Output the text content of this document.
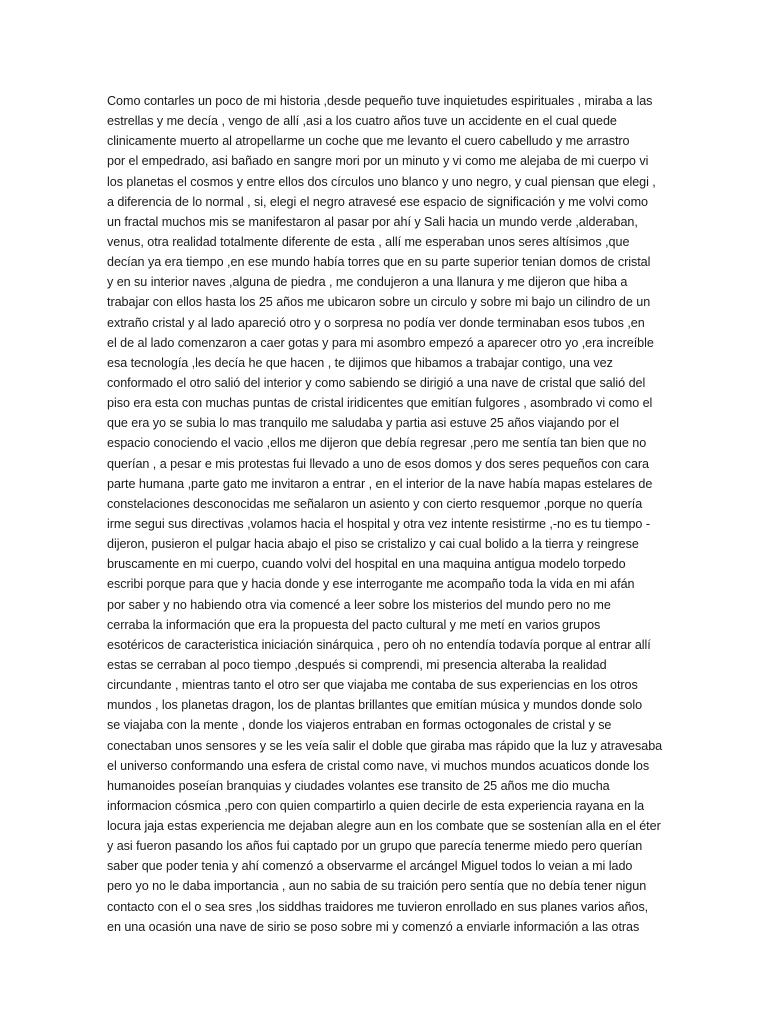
Como contarles un poco de mi historia ,desde pequeño tuve inquietudes espirituales , miraba a las
estrellas y me decía , vengo de allí ,asi a los cuatro años tuve un accidente en el cual quede
clinicamente muerto al atropellarme un coche que me levanto el cuero cabelludo y me arrastro
por el empedrado, asi bañado en sangre mori por un minuto y vi como me alejaba de mi cuerpo vi
los planetas el cosmos y entre ellos dos círculos uno blanco y uno negro, y cual piensan que elegi ,
a diferencia de lo normal , si, elegi el negro atravesé ese espacio de significación y me volvi como
un fractal muchos mis se manifestaron al pasar por ahí y Sali hacia un mundo verde ,alderaban,
venus, otra realidad totalmente diferente de esta , allí me esperaban unos seres altísimos ,que
decían ya era tiempo ,en ese mundo había torres que en su parte superior tenian domos de cristal
y en su interior naves ,alguna de piedra , me condujeron a una llanura y me dijeron que hiba a
trabajar con ellos hasta los 25 años me ubicaron sobre un circulo y sobre mi bajo un cilindro de un
extraño cristal y al lado apareció otro y o sorpresa no podía ver donde terminaban esos tubos ,en
el de al lado comenzaron a caer gotas y para mi asombro empezó a aparecer otro yo ,era increíble
esa tecnología ,les decía he que hacen , te dijimos que hibamos a trabajar contigo, una vez
conformado el otro salió del interior y como sabiendo se dirigió a una nave de cristal que salió del
piso era esta con muchas puntas de cristal iridicentes que emitían fulgores , asombrado vi como el
que era yo se subia lo mas tranquilo me saludaba y partia asi estuve 25 años viajando por el
espacio conociendo el vacio ,ellos me dijeron que debía regresar ,pero me sentía tan bien que no
querían , a pesar e mis protestas fui llevado a uno de esos domos y dos seres pequeños con cara
parte humana ,parte gato me invitaron a entrar , en el interior de la nave había mapas estelares de
constelaciones desconocidas me señalaron un asiento y con cierto resquemor ,porque no quería
irme segui sus directivas ,volamos hacia el hospital y otra vez intente resistirme ,-no es tu tiempo -
dijeron, pusieron el pulgar hacia abajo el piso se cristalizo y cai cual bolido a la tierra y reingrese
bruscamente en mi cuerpo, cuando volvi del hospital en una maquina antigua modelo torpedo
escribi porque para que y hacia donde y ese interrogante me acompaño toda la vida en mi afán
por saber y no habiendo otra via comencé a leer sobre los misterios del mundo pero no me
cerraba la información que era la propuesta del pacto cultural y me metí en varios grupos
esotéricos de caracteristica iniciación sinárquica , pero oh no entendía todavía porque al entrar allí
estas se cerraban al poco tiempo ,después si comprendi, mi presencia alteraba la realidad
circundante , mientras tanto el otro ser que viajaba me contaba de sus experiencias en los otros
mundos , los planetas dragon, los de plantas brillantes que emitían música y mundos donde solo
se viajaba con la mente , donde los viajeros entraban en formas octogonales de cristal y se
conectaban unos sensores y se les veía salir el doble que giraba mas rápido que la luz y atravesaba
el universo conformando una esfera de cristal como nave, vi muchos mundos acuaticos donde los
humanoides poseían branquias y ciudades volantes ese transito de 25 años me dio mucha
informacion cósmica ,pero con quien compartirlo a quien decirle de esta experiencia rayana en la
locura jaja estas experiencia me dejaban alegre aun en los combate que se sostenían alla en el éter
y asi fueron pasando los años fui captado por un grupo que parecía tenerme miedo pero querían
saber que poder tenia y ahí comenzó a observarme el arcángel Miguel todos lo veian a mi lado
pero yo no le daba importancia , aun no sabia de su traición pero sentía que no debía tener nigun
contacto con el o sea sres ,los siddhas traidores me tuvieron enrollado en sus planes varios años,
en una ocasión una nave de sirio se poso sobre mi y comenzó a enviarle información a las otras
